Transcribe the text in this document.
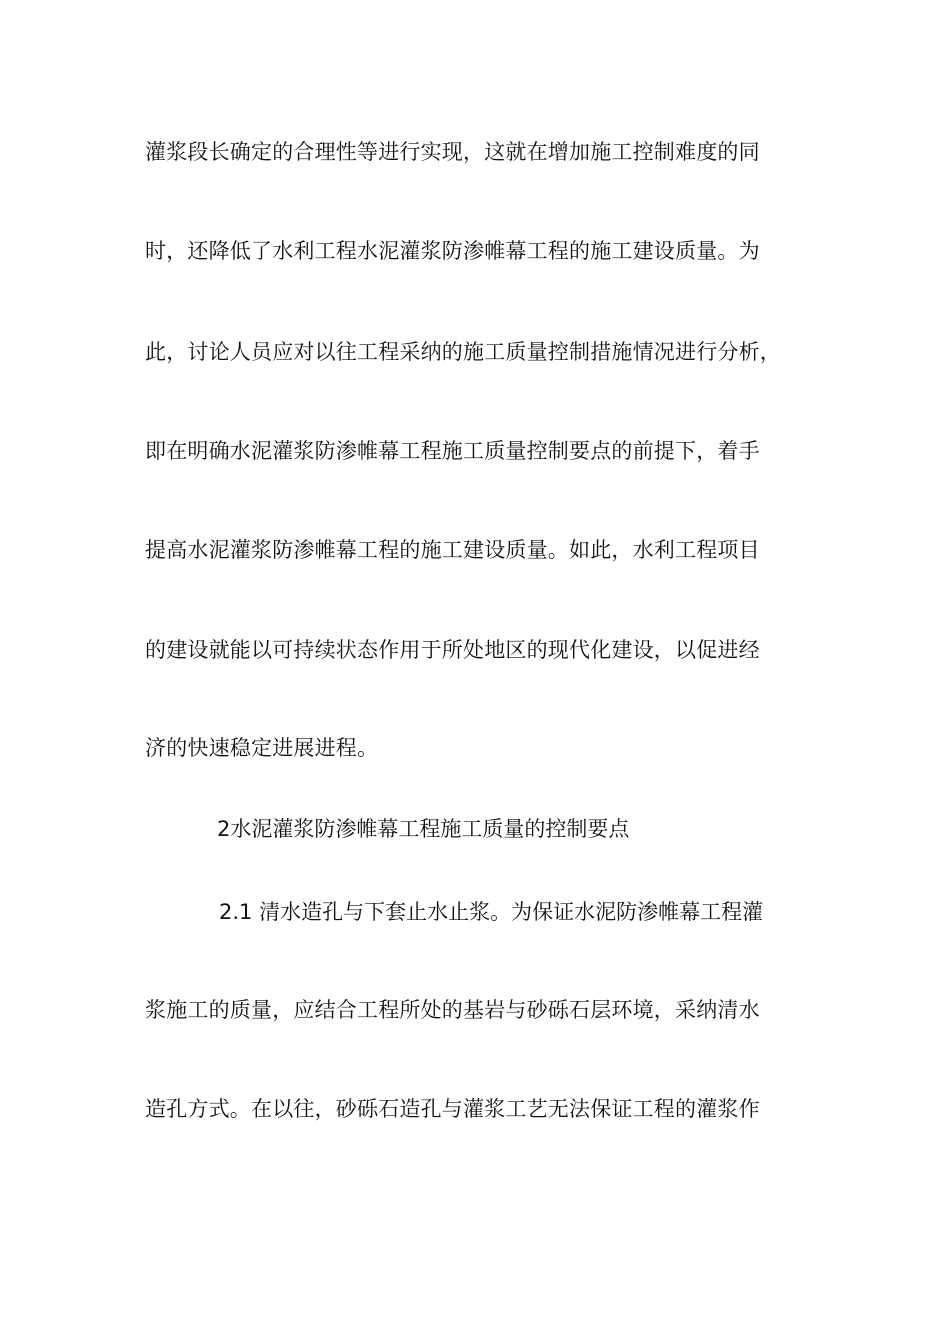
灌浆段长确定的合理性等进行实现，这就在增加施工控制难度的同
时，还降低了水利工程水泥灌浆防渗帷幕工程的施工建设质量。为
此，讨论人员应对以往工程采纳的施工质量控制措施情况进行分析，
即在明确水泥灌浆防渗帷幕工程施工质量控制要点的前提下，着手
提高水泥灌浆防渗帷幕工程的施工建设质量。如此，水利工程项目
的建设就能以可持续状态作用于所处地区的现代化建设，以促进经
济的快速稳定进展进程。
2水泥灌浆防渗帷幕工程施工质量的控制要点
2.1 清水造孔与下套止水止浆。为保证水泥防渗帷幕工程灌
浆施工的质量，应结合工程所处的基岩与砂砾石层环境，采纳清水
造孔方式。在以往，砂砾石造孔与灌浆工艺无法保证工程的灌浆作
